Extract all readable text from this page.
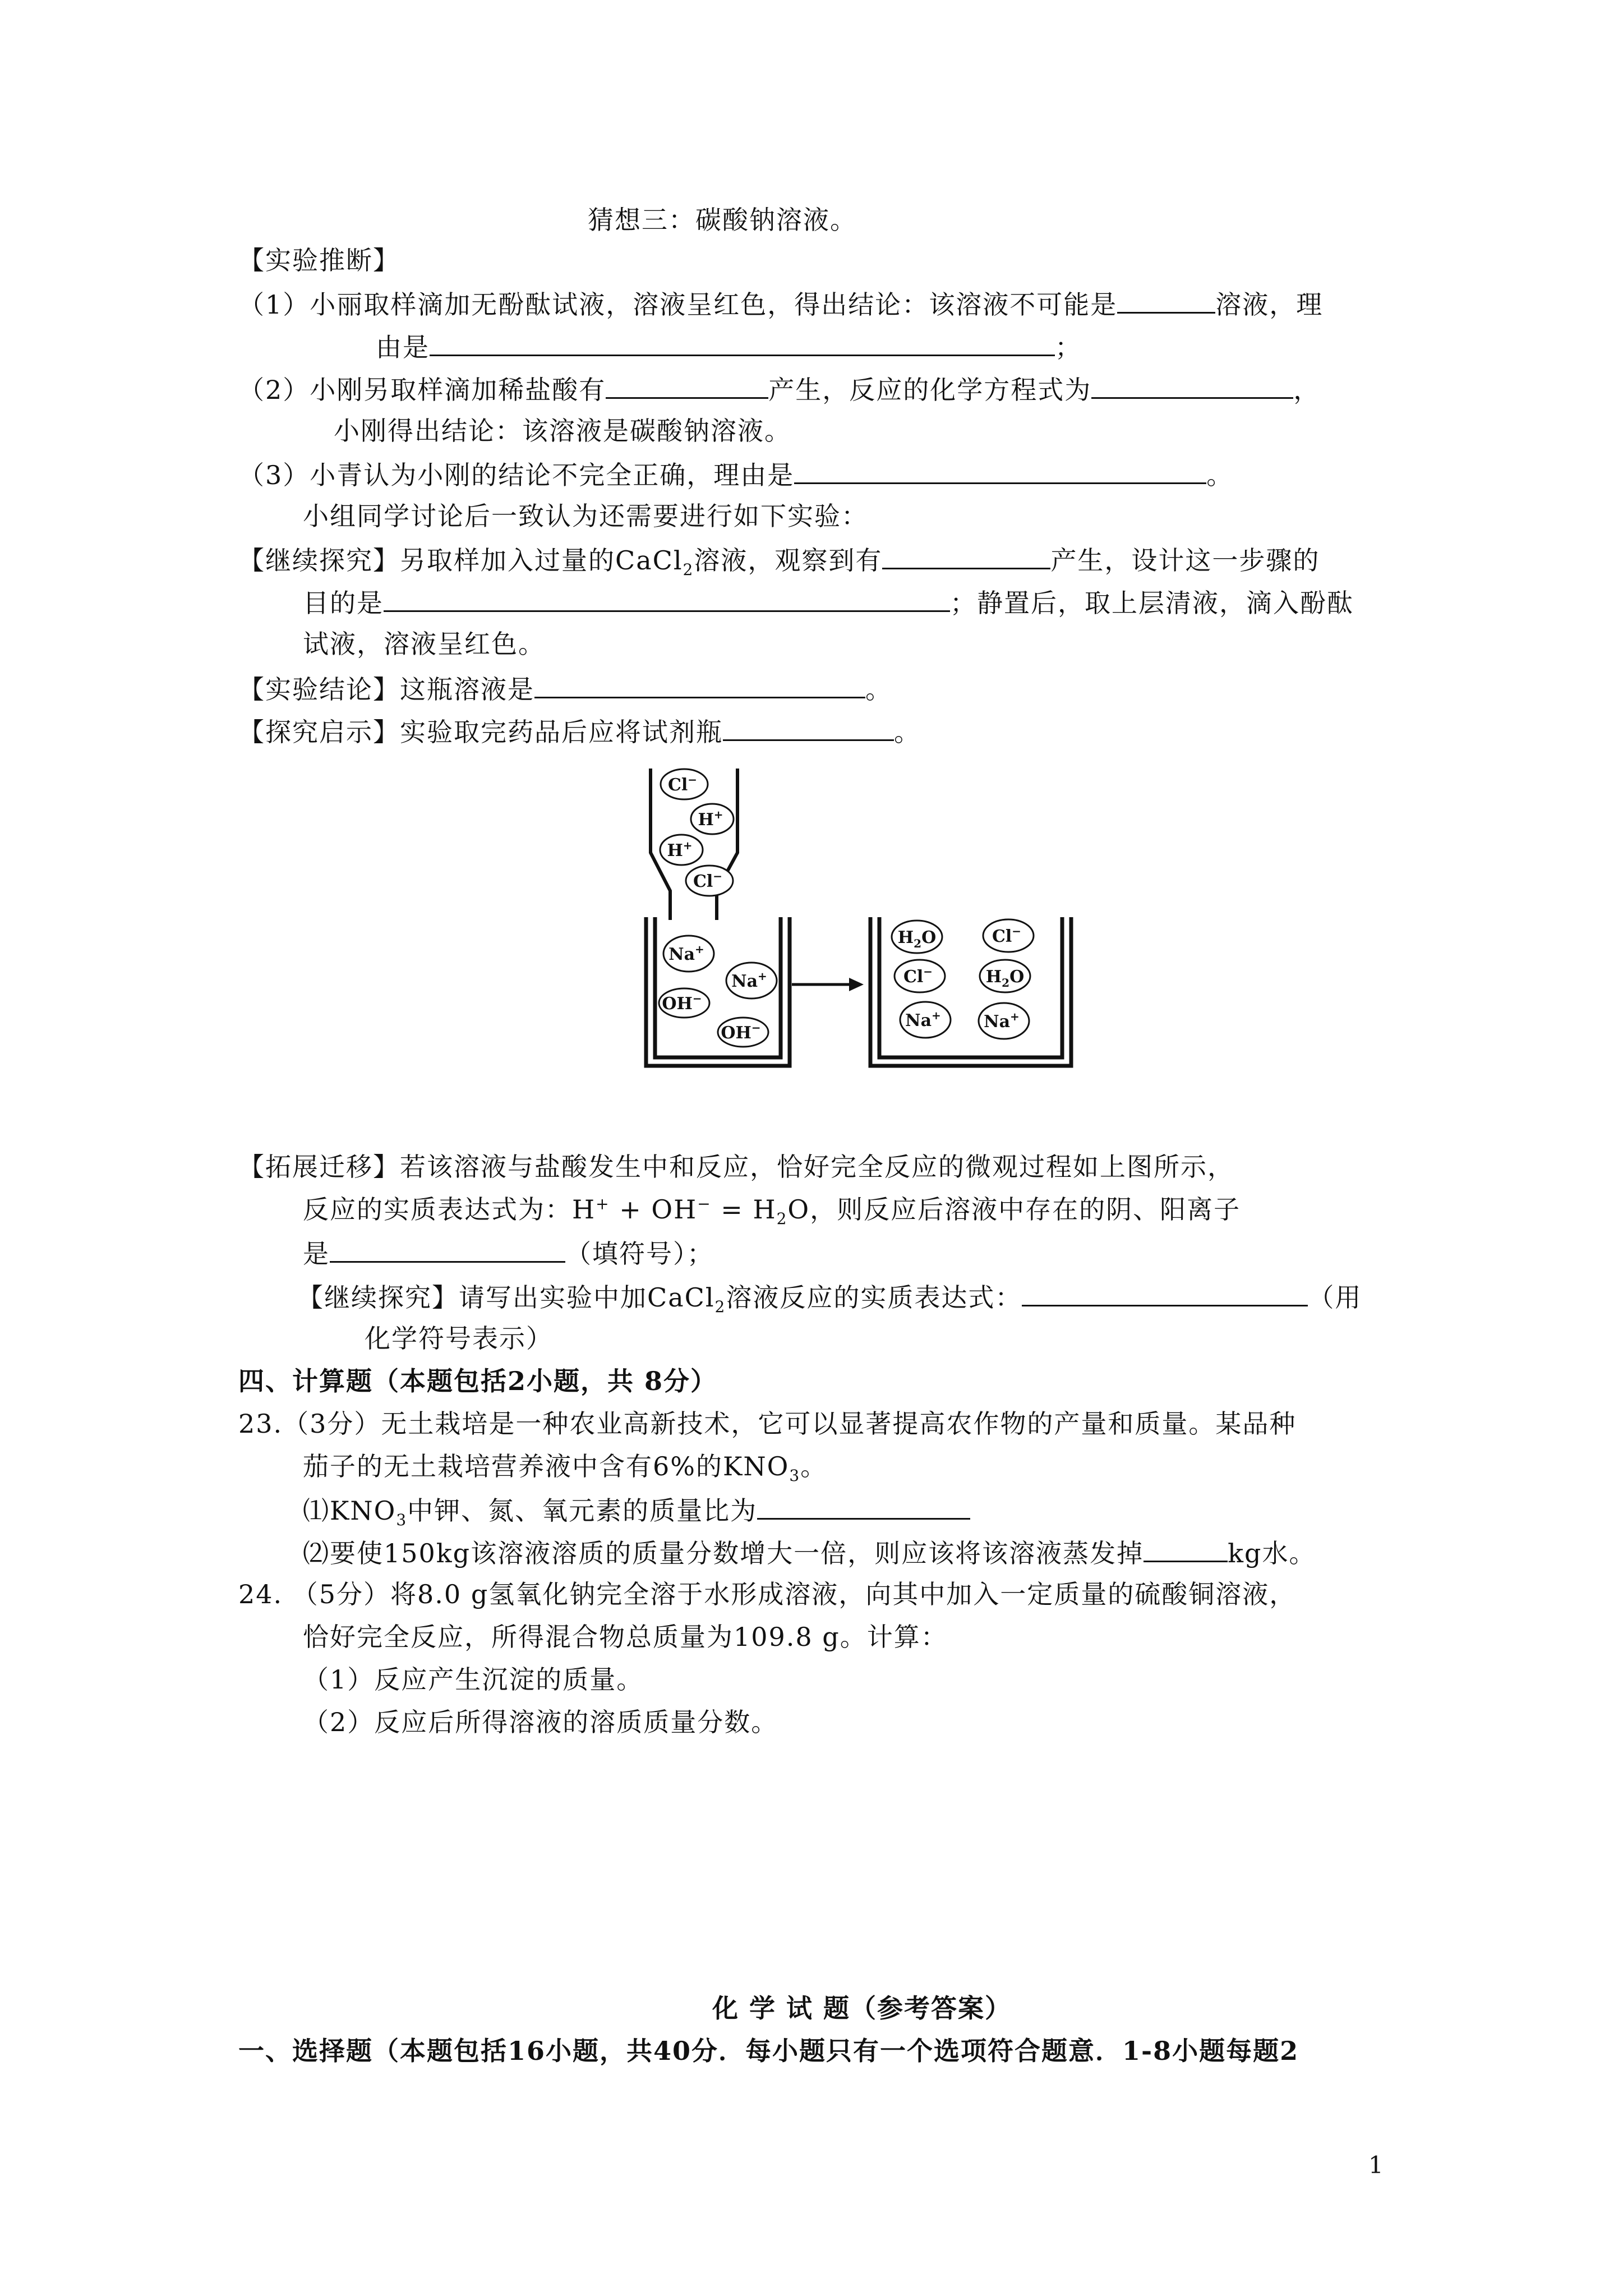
猜想三：碳酸钠溶液。
【实验推断】
（1）小丽取样滴加无酚酞试液，溶液呈红色，得出结论：该溶液不可能是	溶液，理
由是	；
（2）小刚另取样滴加稀盐酸有	产生，反应的化学方程式为	，
小刚得出结论：该溶液是碳酸钠溶液。
（3）小青认为小刚的结论不完全正确，理由是	。
小组同学讨论后一致认为还需要进行如下实验：
【继续探究】另取样加入过量的CaCl$_2$溶液，观察到有	产生，设计这一步骤的
目的是	；静置后，取上层清液，滴入酚酞
试液，溶液呈红色。
【实验结论】这瓶溶液是	。
【探究启示】实验取完药品后应将试剂瓶	。
Cl−
H+
H+
Cl−
Na+
Na+
OH−
OH−
$H_2O$	Cl−
Cl−	$H_2O$
Na+	Na+
【拓展迁移】若该溶液与盐酸发生中和反应，恰好完全反应的微观过程如上图所示，
反应的实质表达式为：$H^+ + OH^- = H_2O$，则反应后溶液中存在的阴、阳离子
是	（填符号）；
【继续探究】请写出实验中加CaCl$_2$溶液反应的实质表达式：	（用
化学符号表示）
四、计算题（本题包括2小题，共 8分）
23.（3分）无土栽培是一种农业高新技术，它可以显著提高农作物的产量和质量。某品种
茄子的无土栽培营养液中含有6%的$KNO_3$。
$⑴KNO_3$中钾、氮、氧元素的质量比为
⑵要使150kg该溶液溶质的质量分数增大一倍，则应该将该溶液蒸发掉	kg水。
24. （5分）将8.0 g氢氧化钠完全溶于水形成溶液，向其中加入一定质量的硫酸铜溶液，
恰好完全反应，所得混合物总质量为109.8 g。计算：
（1）反应产生沉淀的质量。
（2）反应后所得溶液的溶质质量分数。
化 学 试 题（参考答案）
一、选择题（本题包括16小题，共40分．每小题只有一个选项符合题意．1-8小题每题2
1
